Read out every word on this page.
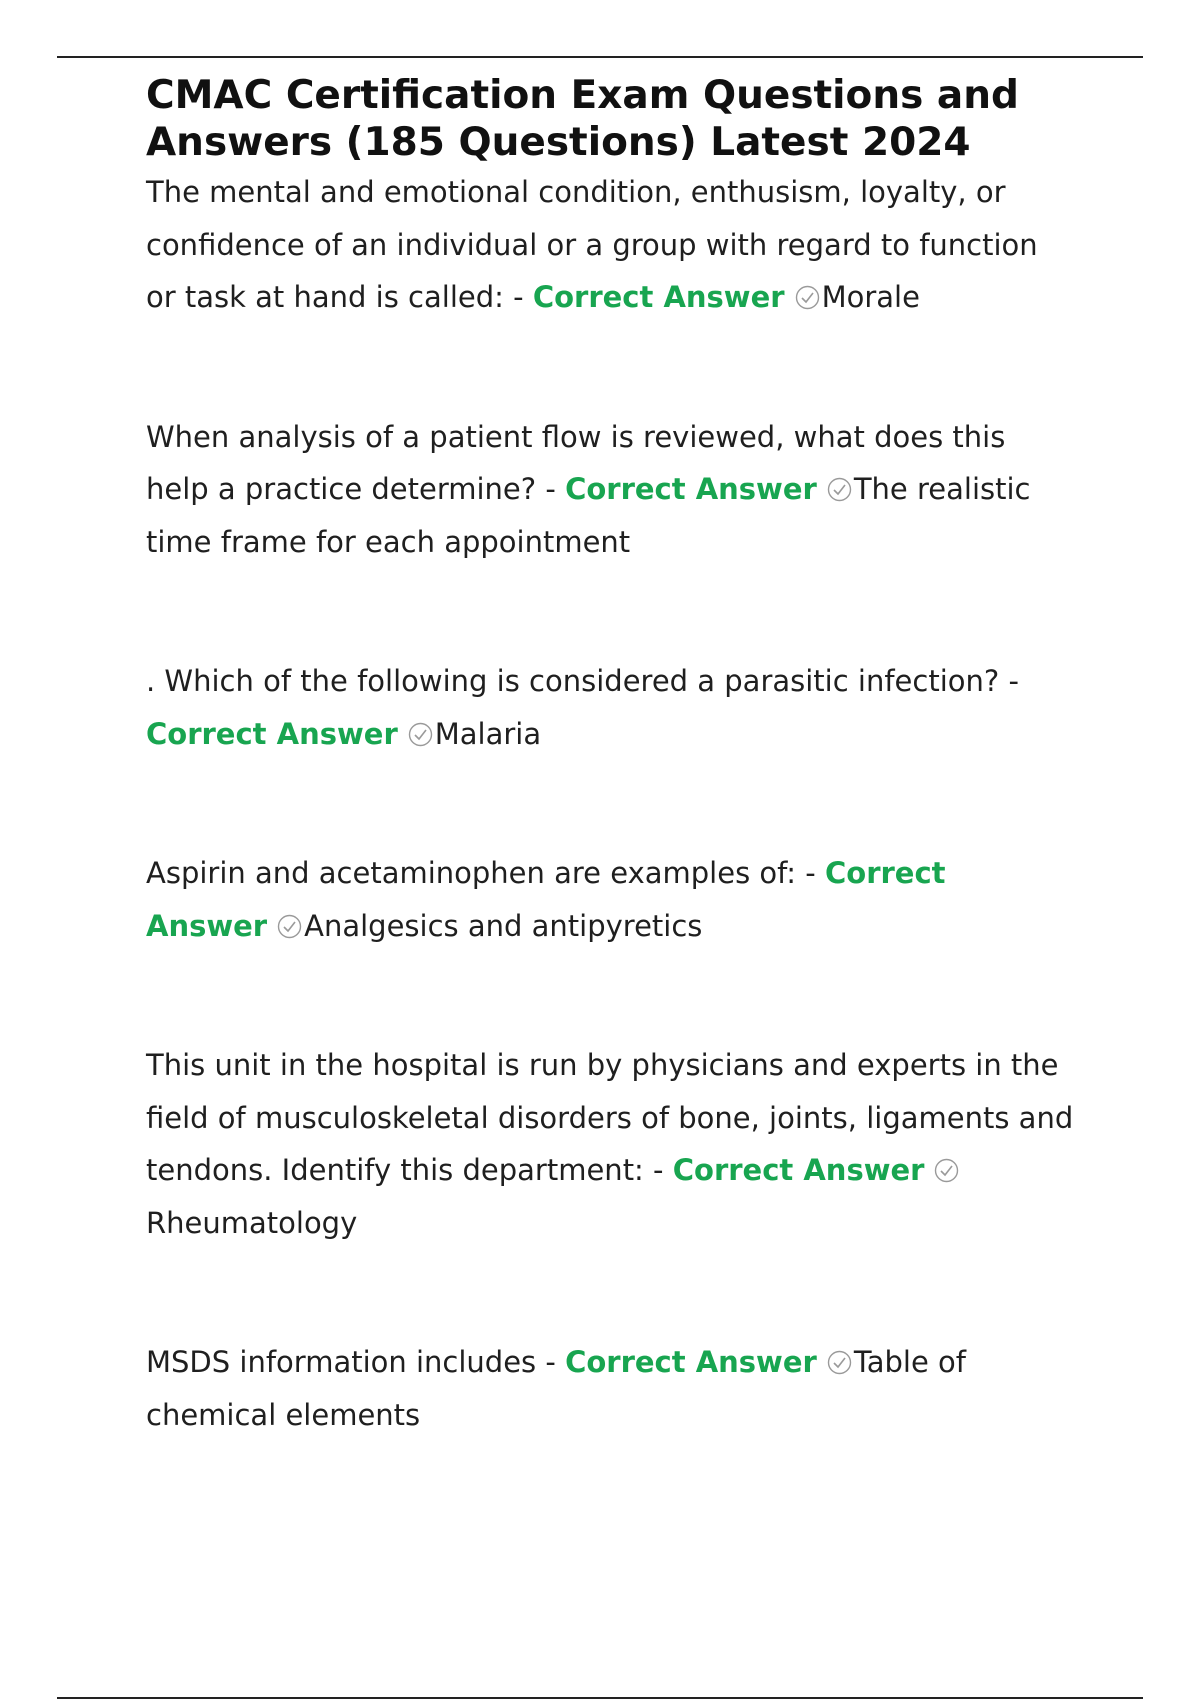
CMAC Certification Exam Questions and Answers (185 Questions) Latest 2024

The mental and emotional condition, enthusism, loyalty, or confidence of an individual or a group with regard to function or task at hand is called: - Correct Answer Morale

When analysis of a patient flow is reviewed, what does this help a practice determine? - Correct Answer The realistic time frame for each appointment

. Which of the following is considered a parasitic infection? - Correct Answer Malaria

Aspirin and acetaminophen are examples of: - Correct Answer Analgesics and antipyretics

This unit in the hospital is run by physicians and experts in the field of musculoskeletal disorders of bone, joints, ligaments and tendons. Identify this department: - Correct Answer
Rheumatology

MSDS information includes - Correct Answer Table of chemical elements
